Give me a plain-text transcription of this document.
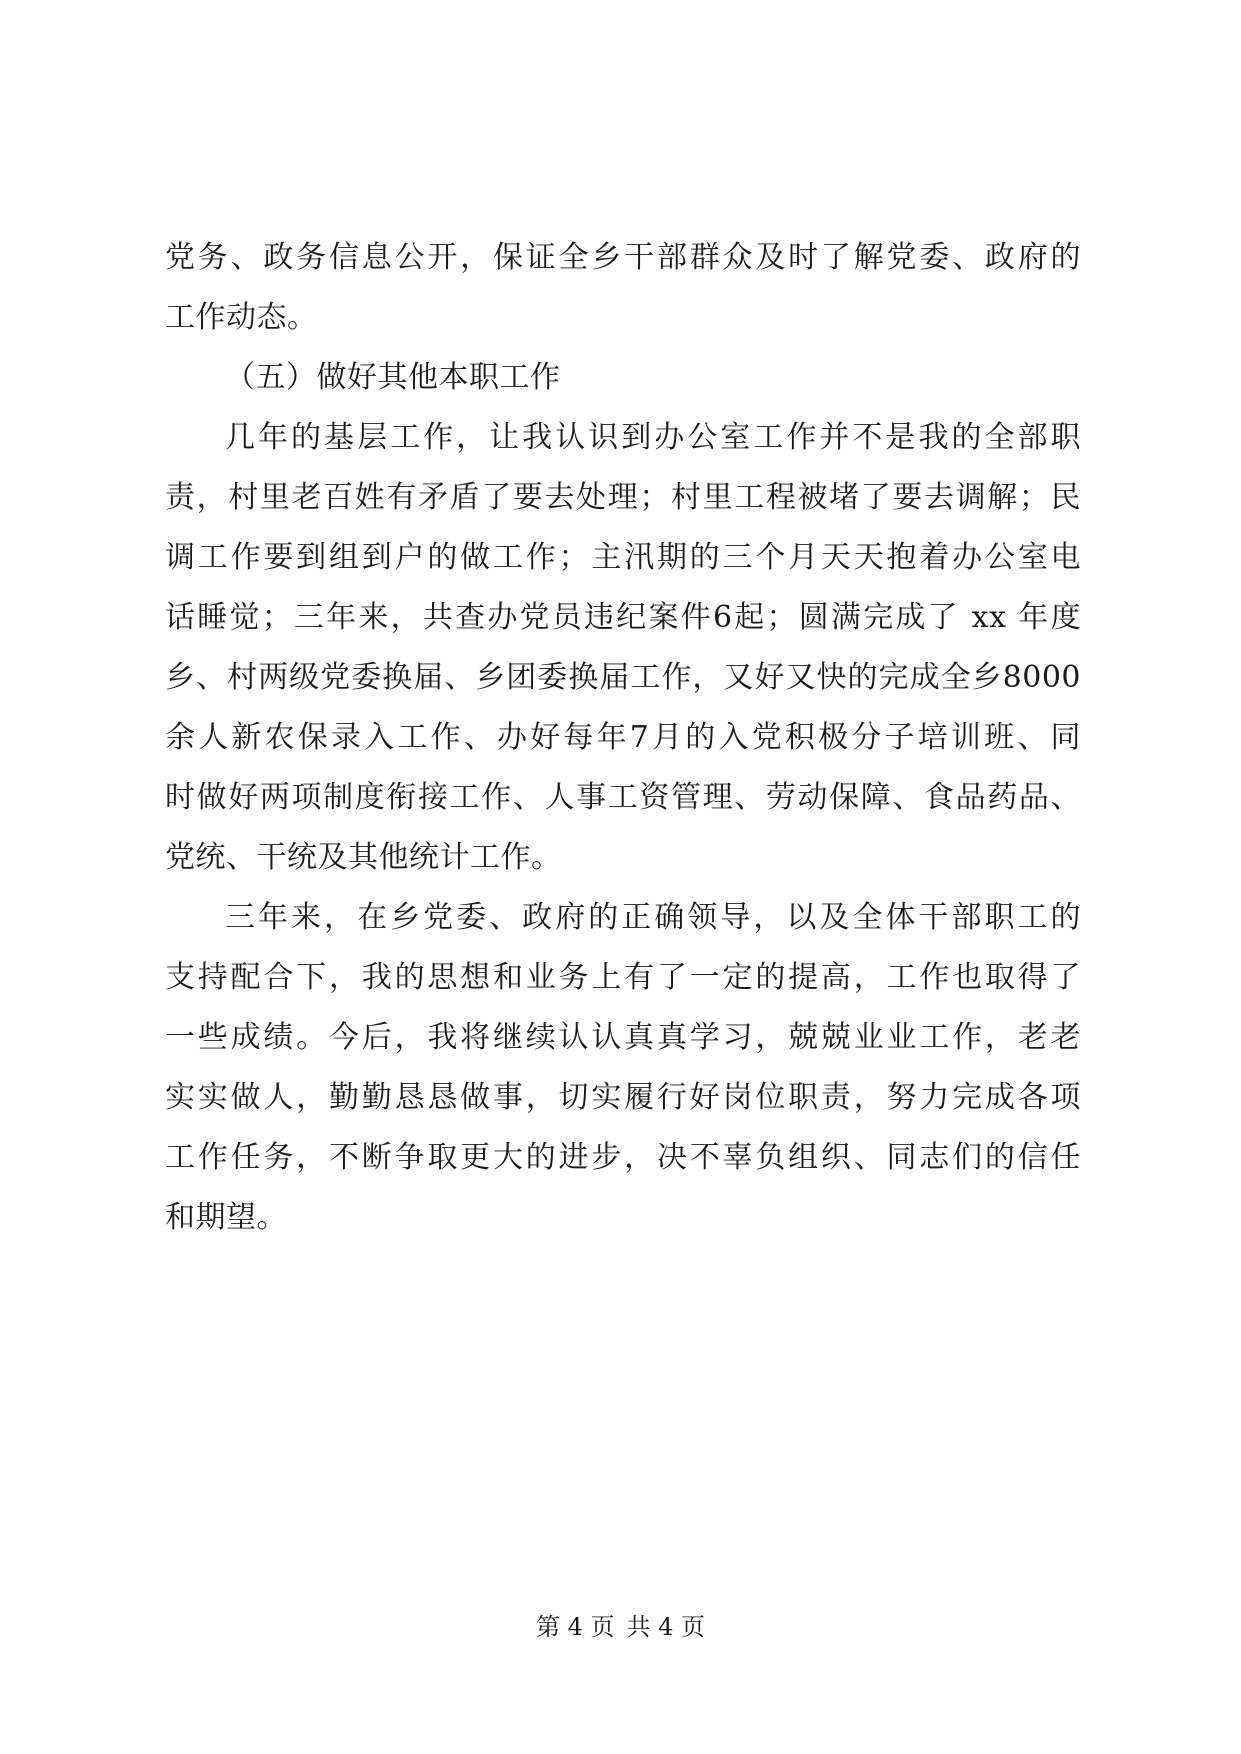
党务、政务信息公开，保证全乡干部群众及时了解党委、政府的
工作动态。
（五）做好其他本职工作
几年的基层工作，让我认识到办公室工作并不是我的全部职
责，村里老百姓有矛盾了要去处理；村里工程被堵了要去调解；民
调工作要到组到户的做工作；主汛期的三个月天天抱着办公室电
话睡觉；三年来，共查办党员违纪案件6起；圆满完成了 xx 年度
乡、村两级党委换届、乡团委换届工作，又好又快的完成全乡8000
余人新农保录入工作、办好每年7月的入党积极分子培训班、同
时做好两项制度衔接工作、人事工资管理、劳动保障、食品药品、
党统、干统及其他统计工作。
三年来，在乡党委、政府的正确领导，以及全体干部职工的
支持配合下，我的思想和业务上有了一定的提高，工作也取得了
一些成绩。今后，我将继续认认真真学习，兢兢业业工作，老老
实实做人，勤勤恳恳做事，切实履行好岗位职责，努力完成各项
工作任务，不断争取更大的进步，决不辜负组织、同志们的信任
和期望。
第 4 页 共 4 页
